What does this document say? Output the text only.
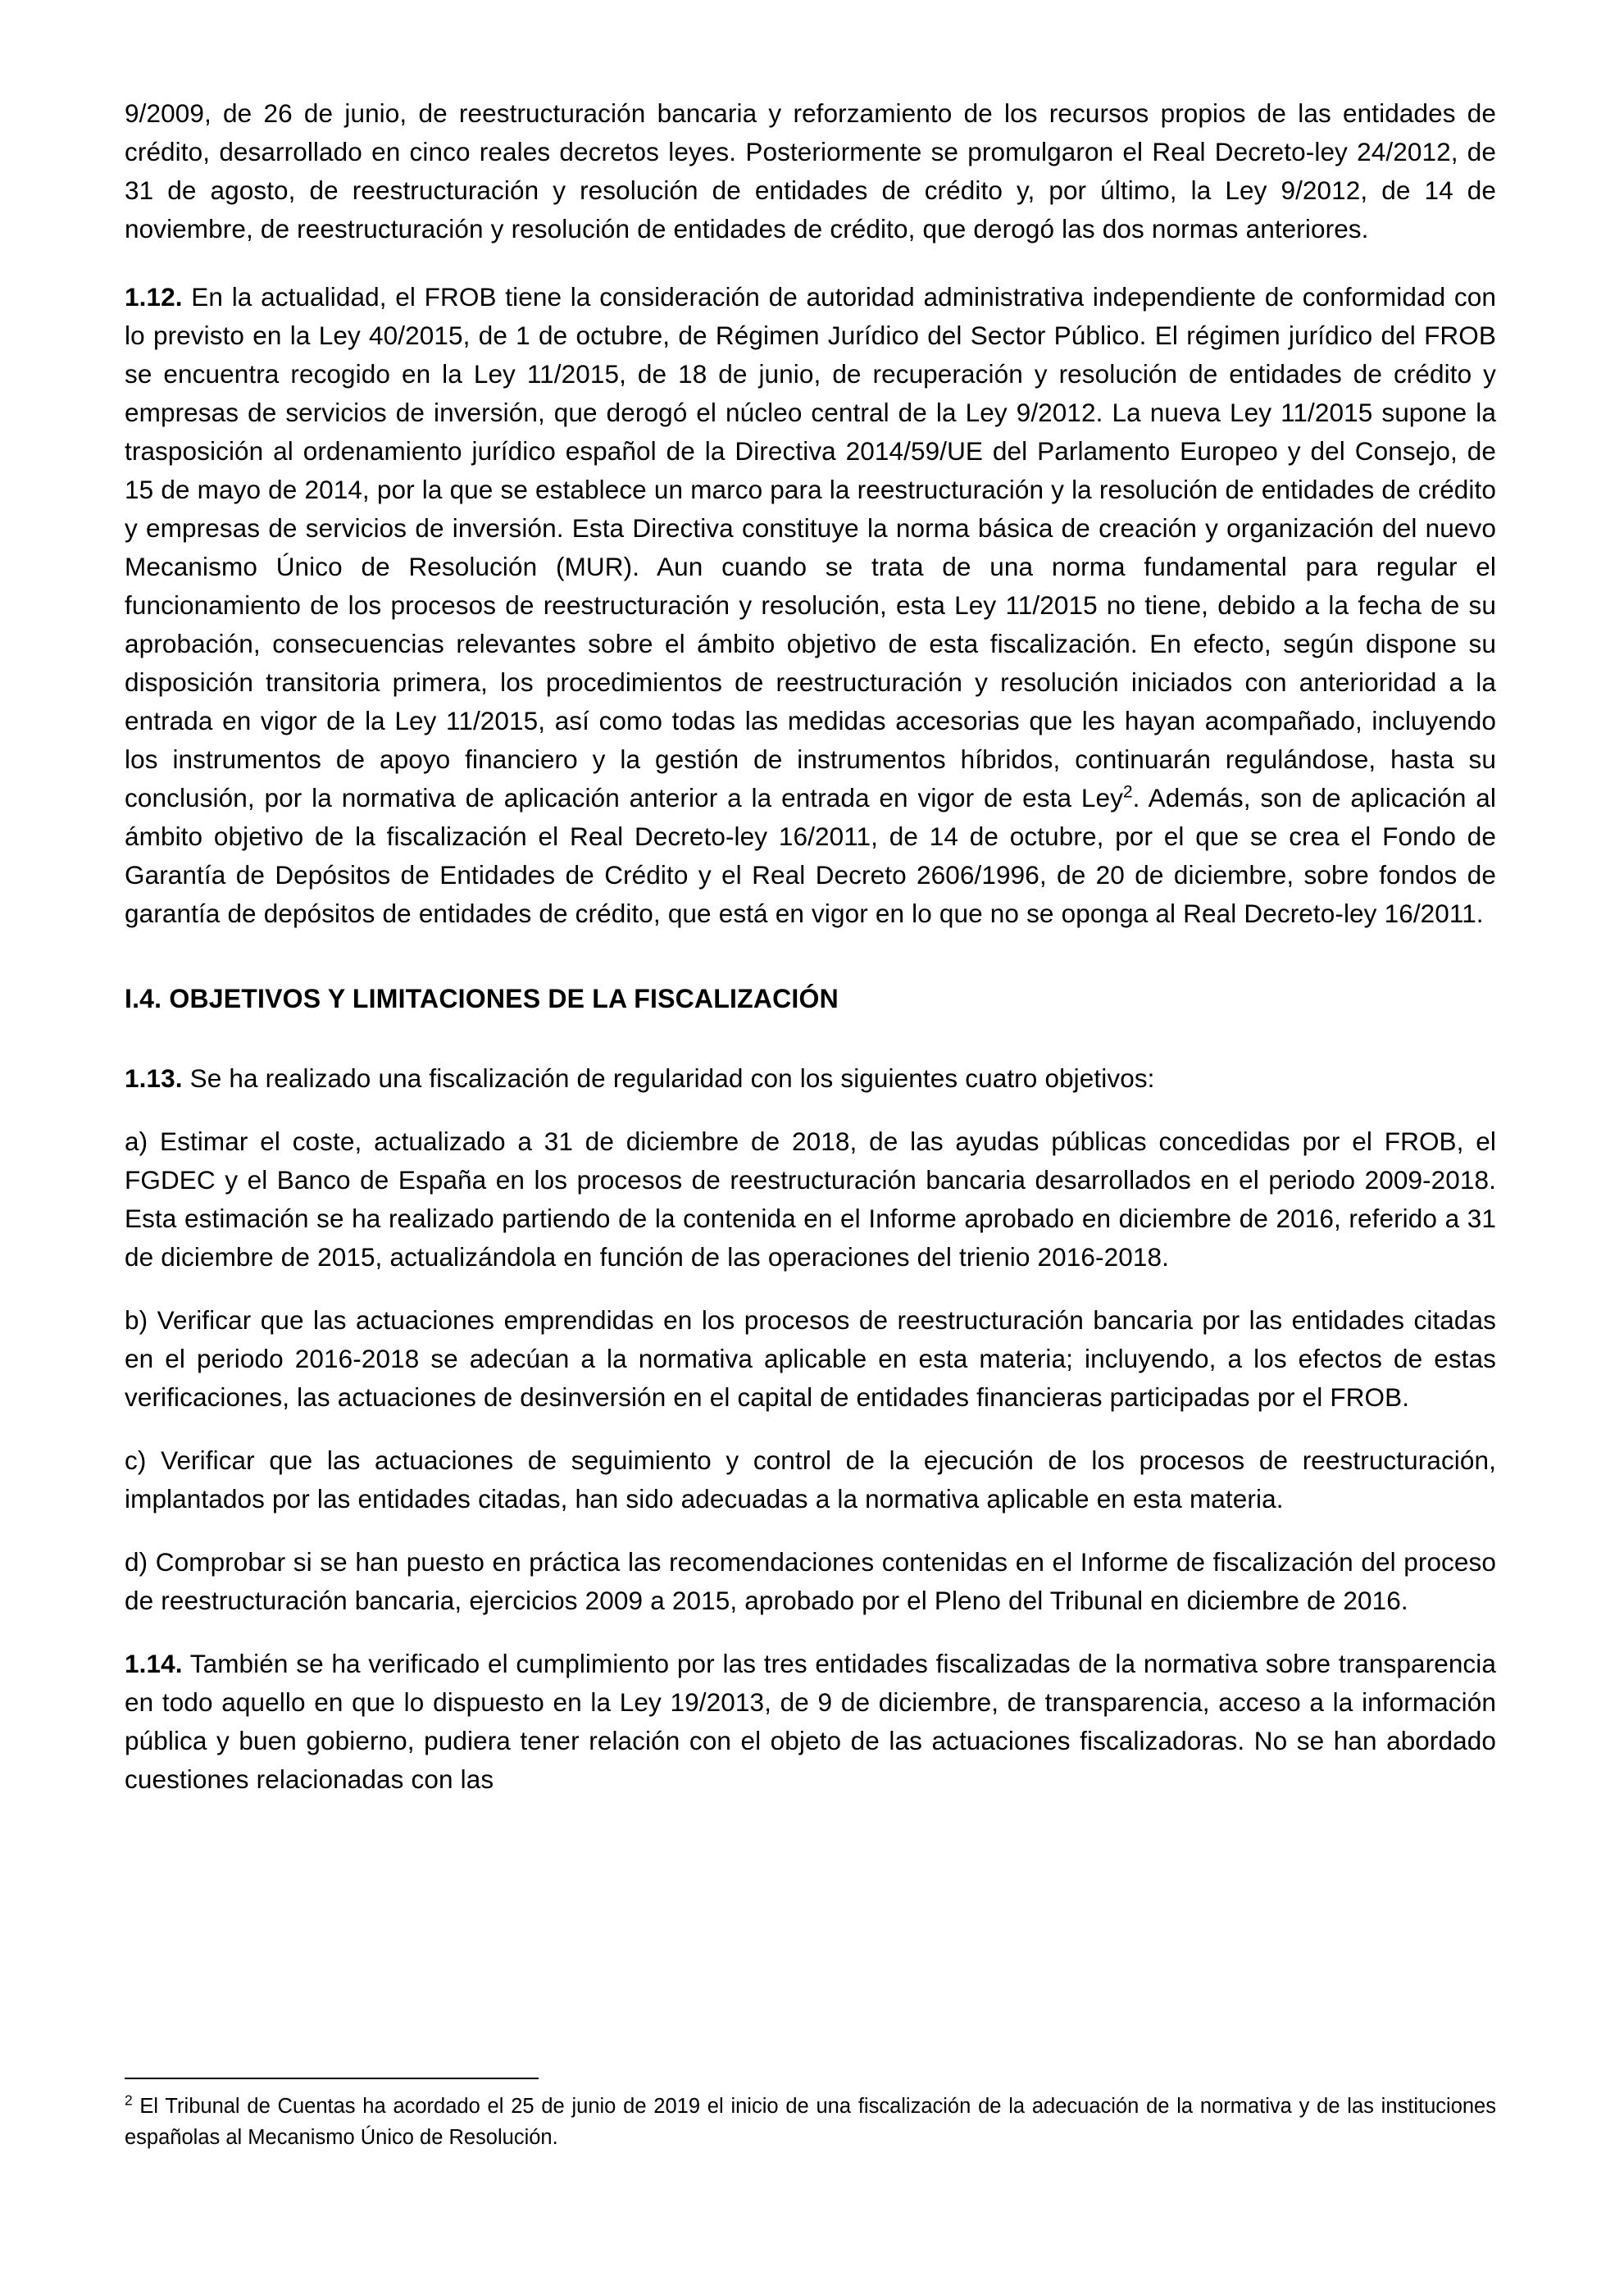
9/2009, de 26 de junio, de reestructuración bancaria y reforzamiento de los recursos propios de las entidades de crédito, desarrollado en cinco reales decretos leyes. Posteriormente se promulgaron el Real Decreto-ley 24/2012, de 31 de agosto, de reestructuración y resolución de entidades de crédito y, por último, la Ley 9/2012, de 14 de noviembre, de reestructuración y resolución de entidades de crédito, que derogó las dos normas anteriores.

1.12. En la actualidad, el FROB tiene la consideración de autoridad administrativa independiente de conformidad con lo previsto en la Ley 40/2015, de 1 de octubre, de Régimen Jurídico del Sector Público. El régimen jurídico del FROB se encuentra recogido en la Ley 11/2015, de 18 de junio, de recuperación y resolución de entidades de crédito y empresas de servicios de inversión, que derogó el núcleo central de la Ley 9/2012. La nueva Ley 11/2015 supone la trasposición al ordenamiento jurídico español de la Directiva 2014/59/UE del Parlamento Europeo y del Consejo, de 15 de mayo de 2014, por la que se establece un marco para la reestructuración y la resolución de entidades de crédito y empresas de servicios de inversión. Esta Directiva constituye la norma básica de creación y organización del nuevo Mecanismo Único de Resolución (MUR). Aun cuando se trata de una norma fundamental para regular el funcionamiento de los procesos de reestructuración y resolución, esta Ley 11/2015 no tiene, debido a la fecha de su aprobación, consecuencias relevantes sobre el ámbito objetivo de esta fiscalización. En efecto, según dispone su disposición transitoria primera, los procedimientos de reestructuración y resolución iniciados con anterioridad a la entrada en vigor de la Ley 11/2015, así como todas las medidas accesorias que les hayan acompañado, incluyendo los instrumentos de apoyo financiero y la gestión de instrumentos híbridos, continuarán regulándose, hasta su conclusión, por la normativa de aplicación anterior a la entrada en vigor de esta Ley$^2$. Además, son de aplicación al ámbito objetivo de la fiscalización el Real Decreto-ley 16/2011, de 14 de octubre, por el que se crea el Fondo de Garantía de Depósitos de Entidades de Crédito y el Real Decreto 2606/1996, de 20 de diciembre, sobre fondos de garantía de depósitos de entidades de crédito, que está en vigor en lo que no se oponga al Real Decreto-ley 16/2011.

I.4. OBJETIVOS Y LIMITACIONES DE LA FISCALIZACIÓN

1.13. Se ha realizado una fiscalización de regularidad con los siguientes cuatro objetivos:

a) Estimar el coste, actualizado a 31 de diciembre de 2018, de las ayudas públicas concedidas por el FROB, el FGDEC y el Banco de España en los procesos de reestructuración bancaria desarrollados en el periodo 2009-2018. Esta estimación se ha realizado partiendo de la contenida en el Informe aprobado en diciembre de 2016, referido a 31 de diciembre de 2015, actualizándola en función de las operaciones del trienio 2016-2018.

b) Verificar que las actuaciones emprendidas en los procesos de reestructuración bancaria por las entidades citadas en el periodo 2016-2018 se adecúan a la normativa aplicable en esta materia; incluyendo, a los efectos de estas verificaciones, las actuaciones de desinversión en el capital de entidades financieras participadas por el FROB.

c) Verificar que las actuaciones de seguimiento y control de la ejecución de los procesos de reestructuración, implantados por las entidades citadas, han sido adecuadas a la normativa aplicable en esta materia.

d) Comprobar si se han puesto en práctica las recomendaciones contenidas en el Informe de fiscalización del proceso de reestructuración bancaria, ejercicios 2009 a 2015, aprobado por el Pleno del Tribunal en diciembre de 2016.

1.14. También se ha verificado el cumplimiento por las tres entidades fiscalizadas de la normativa sobre transparencia en todo aquello en que lo dispuesto en la Ley 19/2013, de 9 de diciembre, de transparencia, acceso a la información pública y buen gobierno, pudiera tener relación con el objeto de las actuaciones fiscalizadoras. No se han abordado cuestiones relacionadas con las

$^2$ El Tribunal de Cuentas ha acordado el 25 de junio de 2019 el inicio de una fiscalización de la adecuación de la normativa y de las instituciones españolas al Mecanismo Único de Resolución.
